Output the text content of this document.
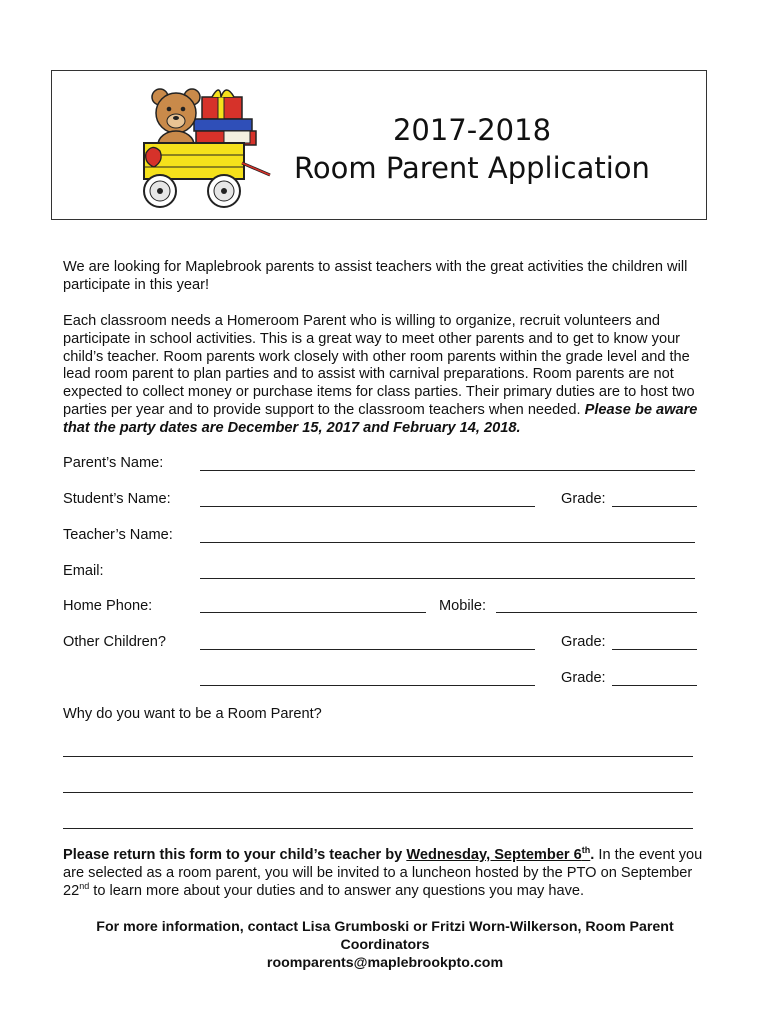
2017-2018
Room Parent Application
We are looking for Maplebrook parents to assist teachers with the great activities the children will participate in this year!
Each classroom needs a Homeroom Parent who is willing to organize, recruit volunteers and participate in school activities. This is a great way to meet other parents and to get to know your child’s teacher. Room parents work closely with other room parents within the grade level and the lead room parent to plan parties and to assist with carnival preparations. Room parents are not expected to collect money or purchase items for class parties. Their primary duties are to host two parties per year and to provide support to the classroom teachers when needed. Please be aware that the party dates are December 15, 2017 and February 14, 2018.
Parent’s Name:
Student’s Name:	Grade:
Teacher’s Name:
Email:
Home Phone:	Mobile:
Other Children?	Grade:
Grade:
Why do you want to be a Room Parent?
Please return this form to your child’s teacher by Wednesday, September 6th. In the event you are selected as a room parent, you will be invited to a luncheon hosted by the PTO on September 22nd to learn more about your duties and to answer any questions you may have.
For more information, contact Lisa Grumboski or Fritzi Worn-Wilkerson, Room Parent Coordinators
roomparents@maplebrookpto.com
